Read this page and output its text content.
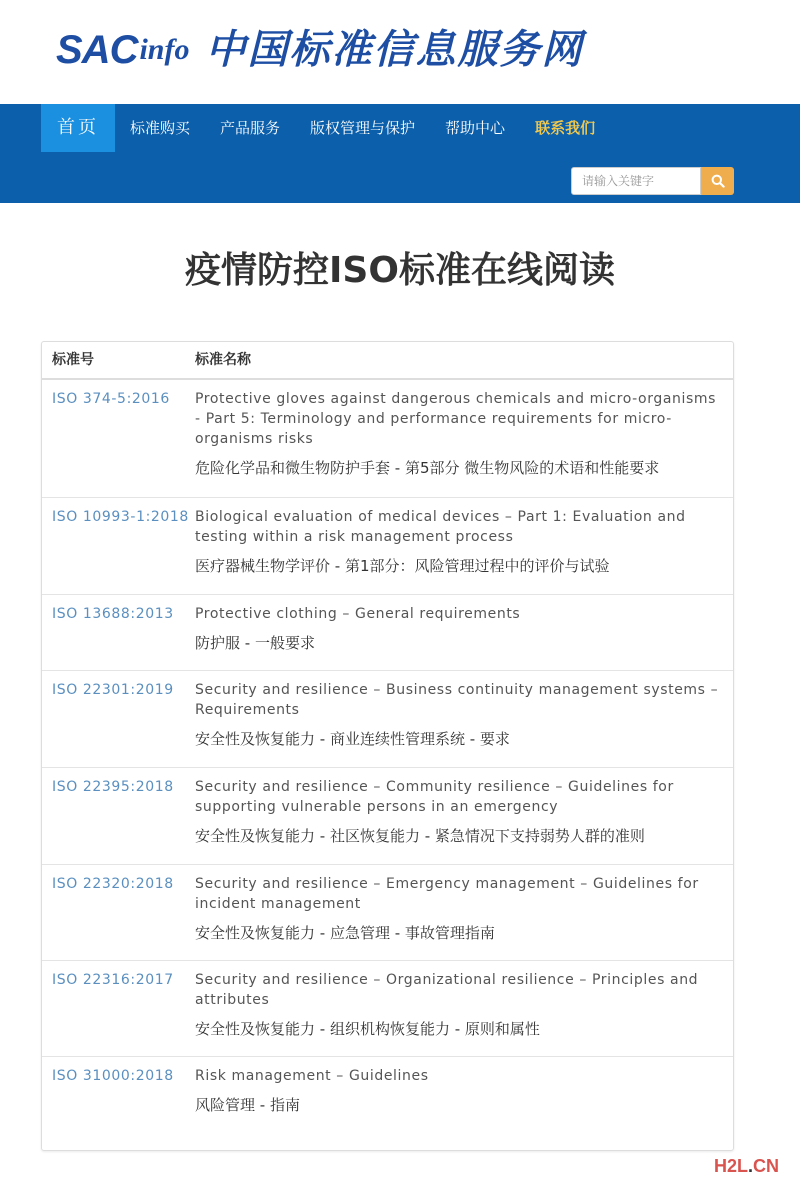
SAC info 中国标准信息服务网
首页	标准购买	产品服务	版权管理与保护	帮助中心	联系我们
请输入关键字
疫情防控ISO标准在线阅读
标准号	标准名称
ISO 374-5:2016	Protective gloves against dangerous chemicals and micro-organisms - Part 5: Terminology and performance requirements for micro-organisms risks
危险化学品和微生物防护手套 - 第5部分 微生物风险的术语和性能要求
ISO 10993-1:2018 Biological evaluation of medical devices – Part 1: Evaluation and testing within a risk management process
医疗器械生物学评价 - 第1部分：风险管理过程中的评价与试验
ISO 13688:2013	Protective clothing – General requirements
防护服 - 一般要求
ISO 22301:2019	Security and resilience – Business continuity management systems – Requirements
安全性及恢复能力 - 商业连续性管理系统 - 要求
ISO 22395:2018	Security and resilience – Community resilience – Guidelines for supporting vulnerable persons in an emergency
安全性及恢复能力 - 社区恢复能力 - 紧急情况下支持弱势人群的准则
ISO 22320:2018	Security and resilience – Emergency management – Guidelines for incident management
安全性及恢复能力 - 应急管理 - 事故管理指南
ISO 22316:2017	Security and resilience – Organizational resilience – Principles and attributes
安全性及恢复能力 - 组织机构恢复能力 - 原则和属性
ISO 31000:2018	Risk management – Guidelines
风险管理 - 指南
H2L.CN
